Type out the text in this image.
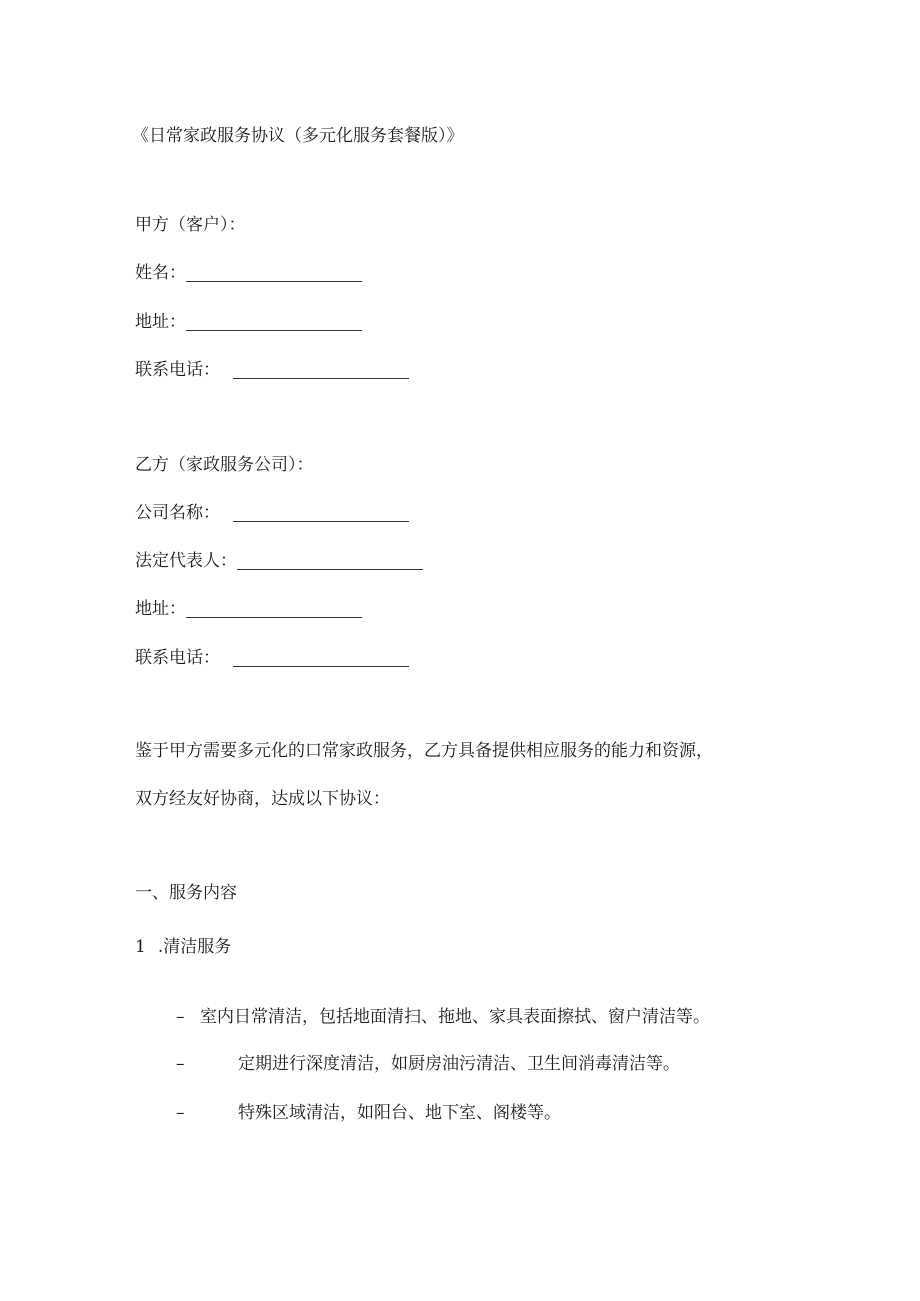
《日常家政服务协议（多元化服务套餐版）》
甲方（客户）：
姓名：
地址：
联系电话：
乙方（家政服务公司）：
公司名称：
法定代表人：
地址：
联系电话：
鉴于甲方需要多元化的口常家政服务，乙方具备提供相应服务的能力和资源，
双方经友好协商，达成以下协议：
一、服务内容
1 .清洁服务
– 室内日常清洁，包括地面清扫、拖地、家具表面擦拭、窗户清洁等。
–	定期进行深度清洁，如厨房油污清洁、卫生间消毒清洁等。
–	特殊区域清洁，如阳台、地下室、阁楼等。
